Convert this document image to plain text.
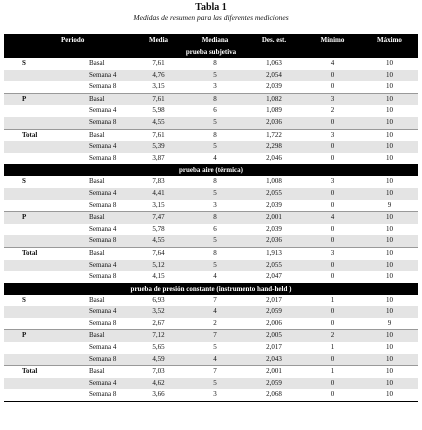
Tabla 1
Medidas de resumen para las diferentes mediciones
	Periodo	Media	Mediana	Des. est.	Mínimo	Máximo
prueba subjetiva						
S	Basal	7,61	8	1,063	4	10
	Semana 4	4,76	5	2,054	0	10
	Semana 8	3,15	3	2,039	0	10
P	Basal	7,61	8	1,082	3	10
	Semana 4	5,98	6	1,089	2	10
	Semana 8	4,55	5	2,036	0	10
Total	Basal	7,61	8	1,722	3	10
	Semana 4	5,39	5	2,298	0	10
	Semana 8	3,87	4	2,046	0	10
prueba aire (térmica)						
S	Basal	7,83	8	1,008	3	10
	Semana 4	4,41	5	2,055	0	10
	Semana 8	3,15	3	2,039	0	9
P	Basal	7,47	8	2,001	4	10
	Semana 4	5,78	6	2,039	0	10
	Semana 8	4,55	5	2,036	0	10
Total	Basal	7,64	8	1,913	3	10
	Semana 4	5,12	5	2,055	0	10
	Semana 8	4,15	4	2,047	0	10
prueba de presión constante (instrumento hand-held )						
S	Basal	6,93	7	2,017	1	10
	Semana 4	3,52	4	2,059	0	10
	Semana 8	2,67	2	2,006	0	9
P	Basal	7,12	7	2,005	2	10
	Semana 4	5,65	5	2,017	1	10
	Semana 8	4,59	4	2,043	0	10
Total	Basal	7,03	7	2,001	1	10
	Semana 4	4,62	5	2,059	0	10
	Semana 8	3,66	3	2,068	0	10
